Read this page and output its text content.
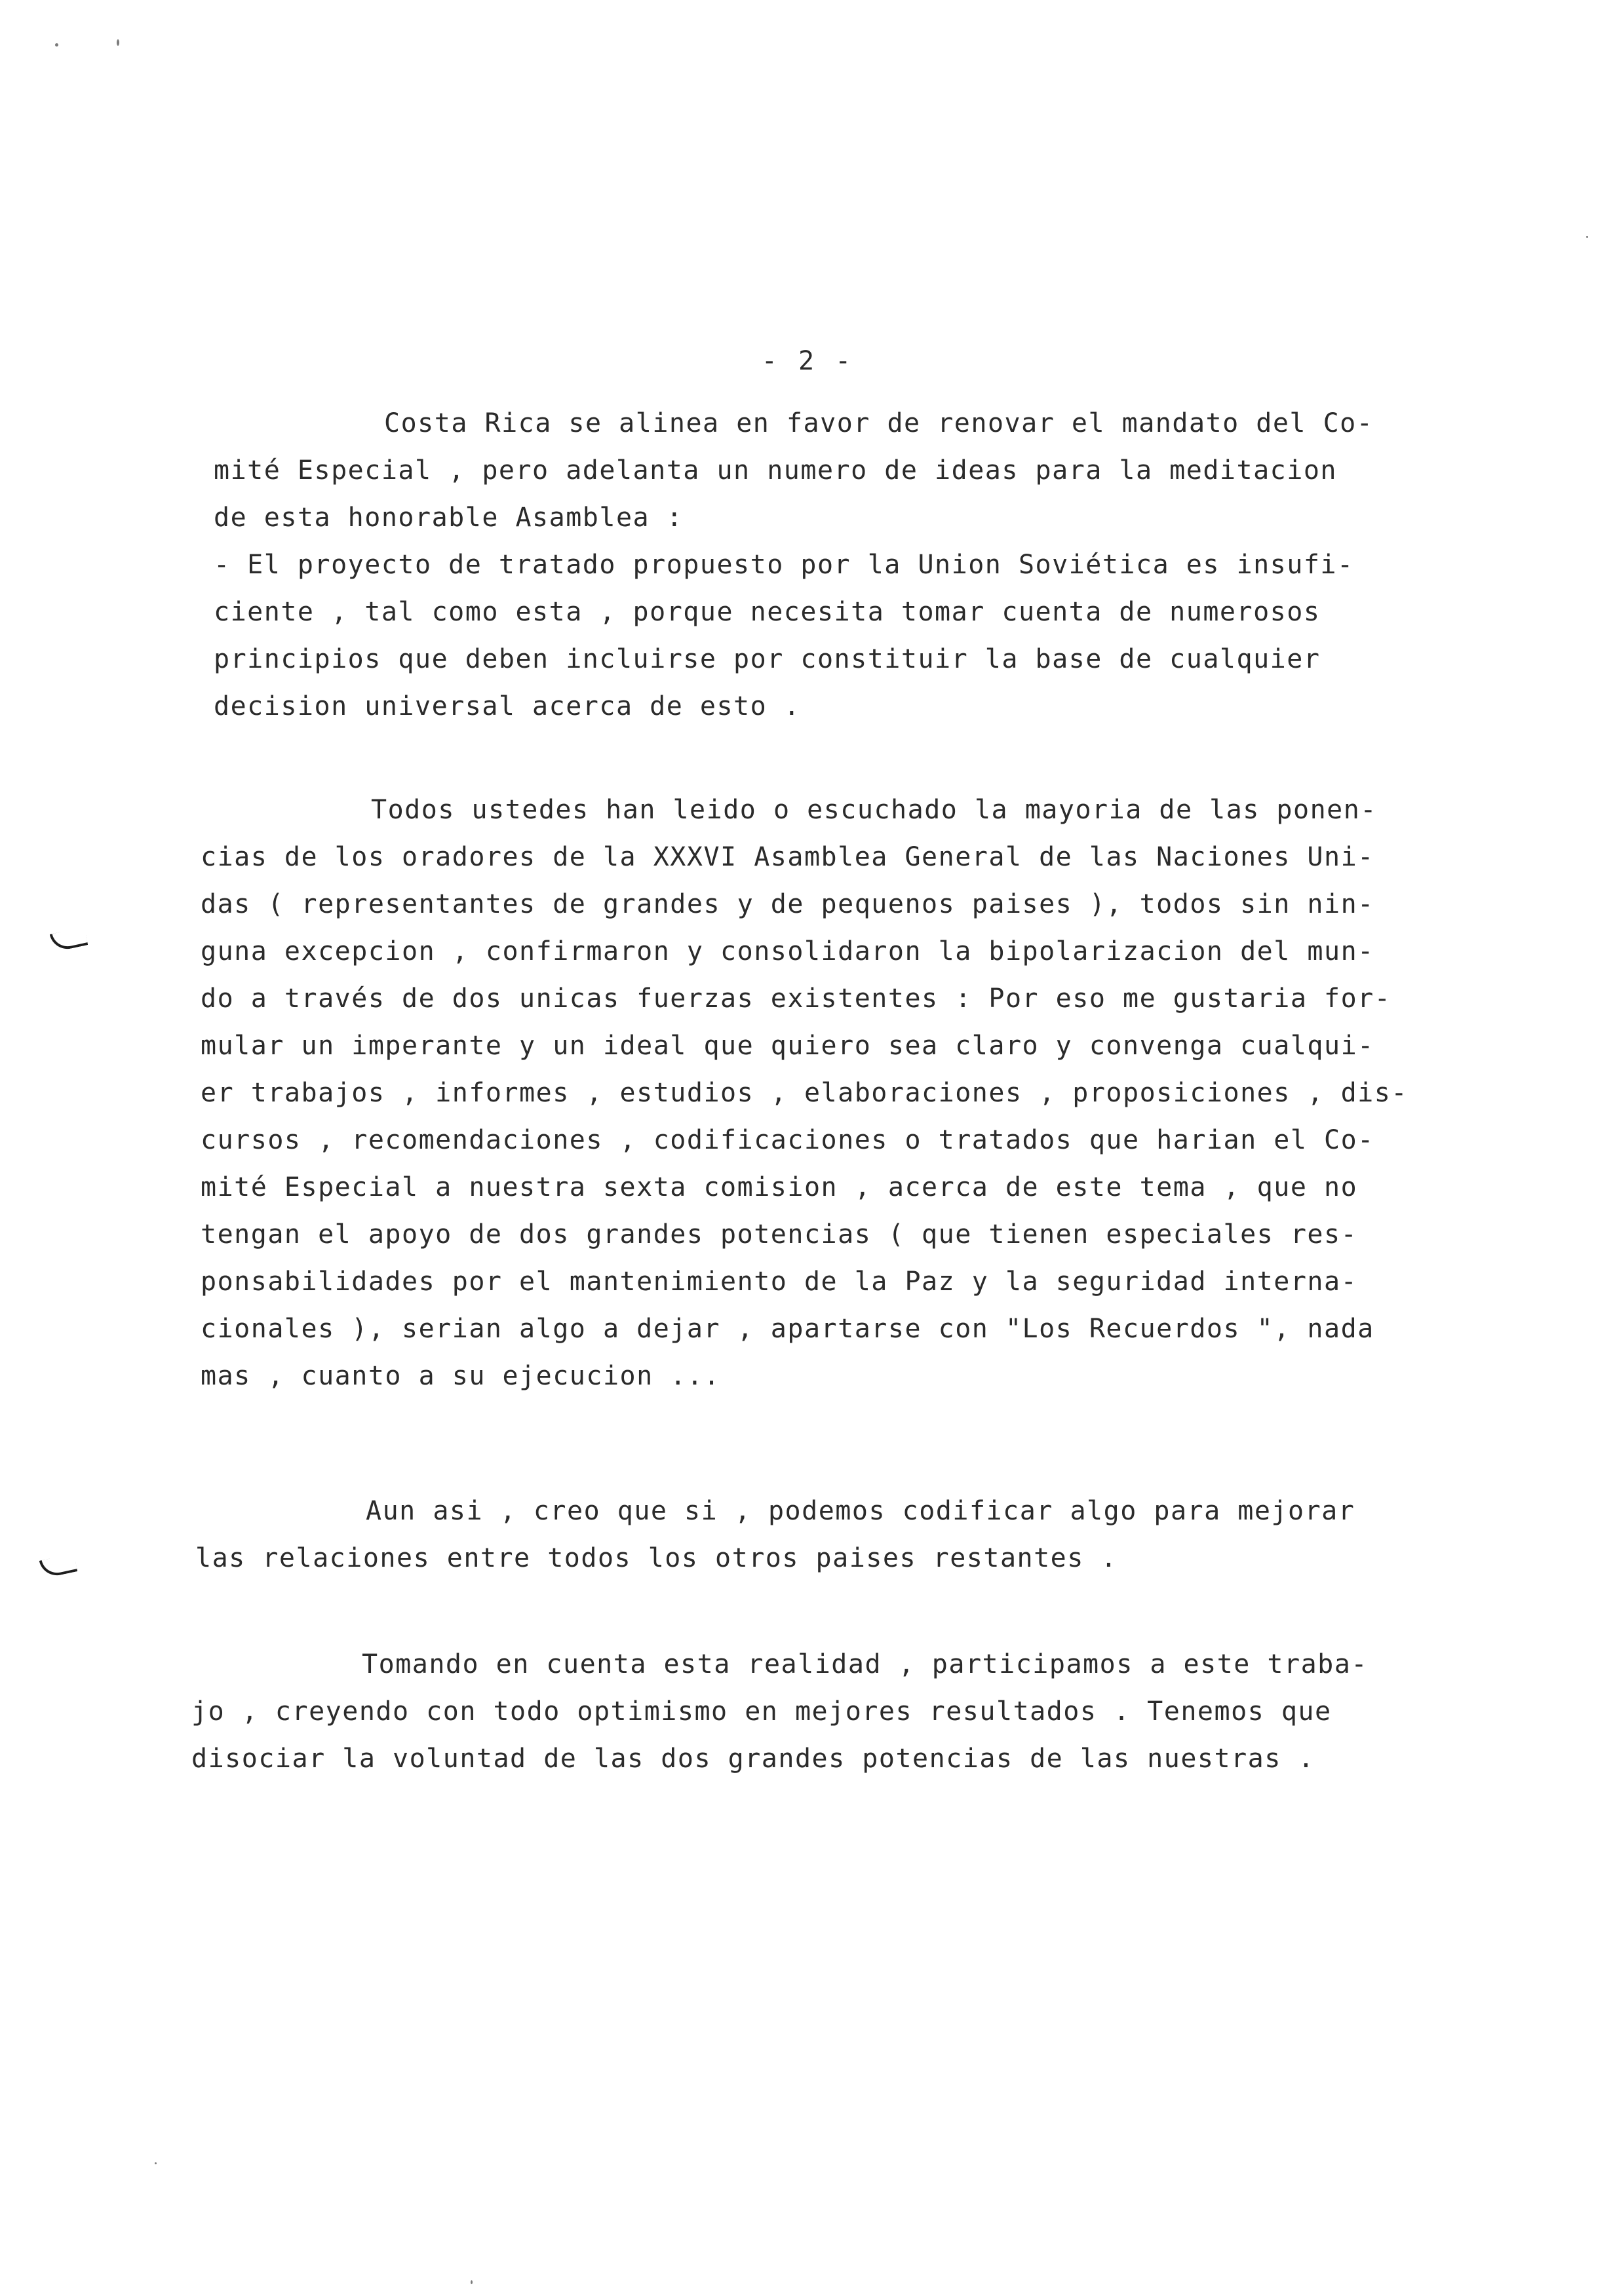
- 2 -
Costa Rica se alinea en favor de renovar el mandato del Co-
mité Especial , pero adelanta un numero de ideas para la meditacion
de esta honorable Asamblea :
- El proyecto de tratado propuesto por la Union Soviética es insufi-
ciente , tal como esta , porque necesita tomar cuenta de numerosos
principios que deben incluirse por constituir la base de cualquier
decision universal acerca de esto .
Todos ustedes han leido o escuchado la mayoria de las ponen-
cias de los oradores de la XXXVI Asamblea General de las Naciones Uni-
das ( representantes de grandes y de pequenos paises ), todos sin nin-
guna excepcion , confirmaron y consolidaron la bipolarizacion del mun-
do a través de dos unicas fuerzas existentes : Por eso me gustaria for-
mular un imperante y un ideal que quiero sea claro y convenga cualqui-
er trabajos , informes , estudios , elaboraciones , proposiciones , dis-
cursos , recomendaciones , codificaciones o tratados que harian el Co-
mité Especial a nuestra sexta comision , acerca de este tema , que no
tengan el apoyo de dos grandes potencias ( que tienen especiales res-
ponsabilidades por el mantenimiento de la Paz y la seguridad interna-
cionales ), serian algo a dejar , apartarse con "Los Recuerdos ", nada
mas , cuanto a su ejecucion ...
Aun asi , creo que si , podemos codificar algo para mejorar
las relaciones entre todos los otros paises restantes .
Tomando en cuenta esta realidad , participamos a este traba-
jo , creyendo con todo optimismo en mejores resultados . Tenemos que
disociar la voluntad de las dos grandes potencias de las nuestras .
